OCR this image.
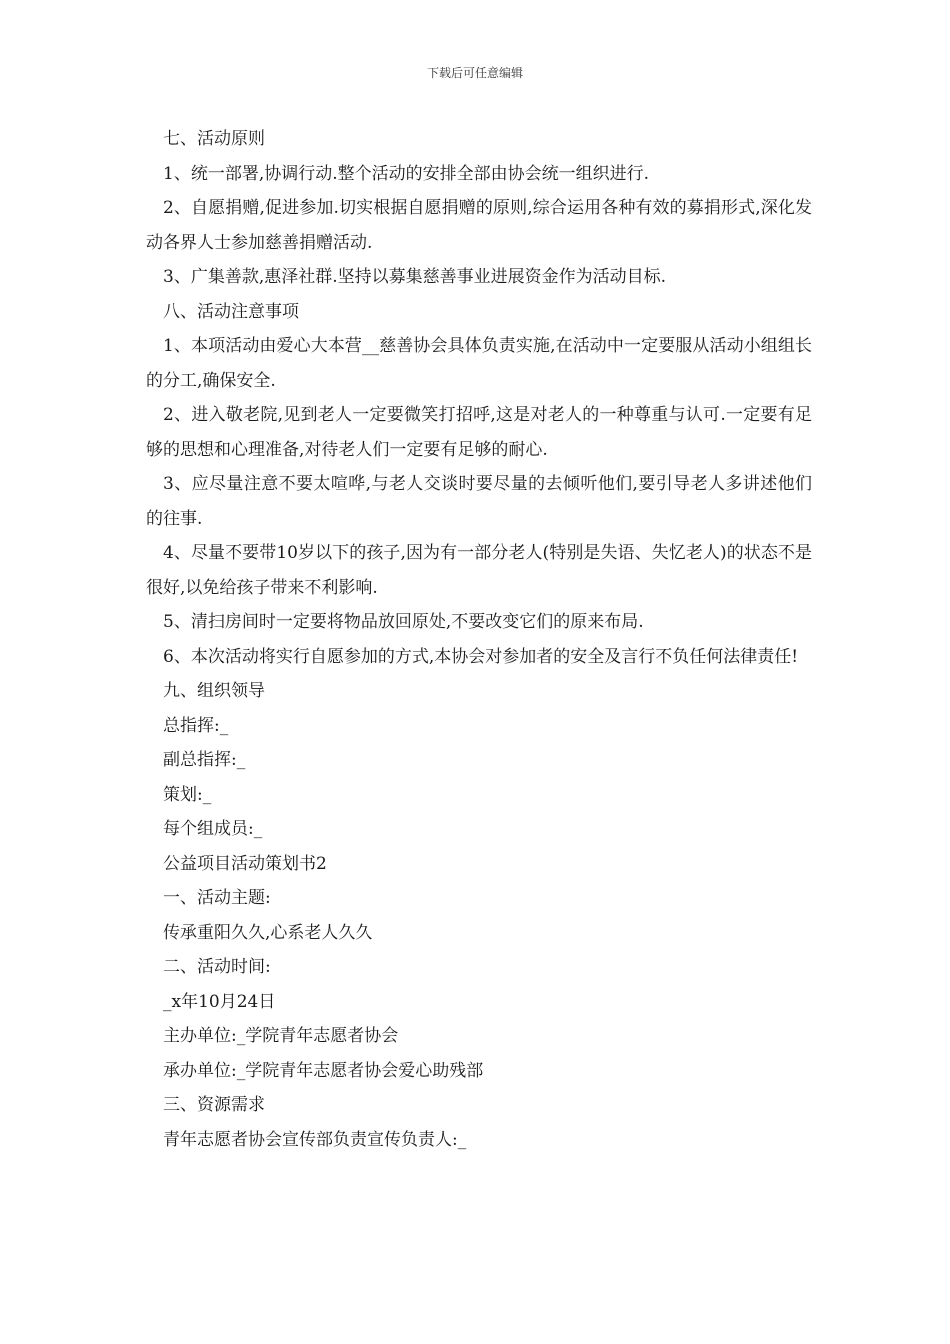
下载后可任意编辑

七、活动原则

1、统一部署,协调行动.整个活动的安排全部由协会统一组织进行.

2、自愿捐赠,促进参加.切实根据自愿捐赠的原则,综合运用各种有效的募捐形式,深化发动各界人士参加慈善捐赠活动.

3、广集善款,惠泽社群.坚持以募集慈善事业进展资金作为活动目标.

八、活动注意事项

1、本项活动由爱心大本营__慈善协会具体负责实施,在活动中一定要服从活动小组组长的分工,确保安全.

2、进入敬老院,见到老人一定要微笑打招呼,这是对老人的一种尊重与认可.一定要有足够的思想和心理准备,对待老人们一定要有足够的耐心.

3、应尽量注意不要太喧哗,与老人交谈时要尽量的去倾听他们,要引导老人多讲述他们的往事.

4、尽量不要带10岁以下的孩子,因为有一部分老人(特别是失语、失忆老人)的状态不是很好,以免给孩子带来不利影响.

5、清扫房间时一定要将物品放回原处,不要改变它们的原来布局.

6、本次活动将实行自愿参加的方式,本协会对参加者的安全及言行不负任何法律责任!

九、组织领导

总指挥:_

副总指挥:_

策划:_

每个组成员:_

公益项目活动策划书2

一、活动主题:

传承重阳久久,心系老人久久

二、活动时间:

_x年10月24日

主办单位:_学院青年志愿者协会

承办单位:_学院青年志愿者协会爱心助残部

三、资源需求

青年志愿者协会宣传部负责宣传负责人:_
